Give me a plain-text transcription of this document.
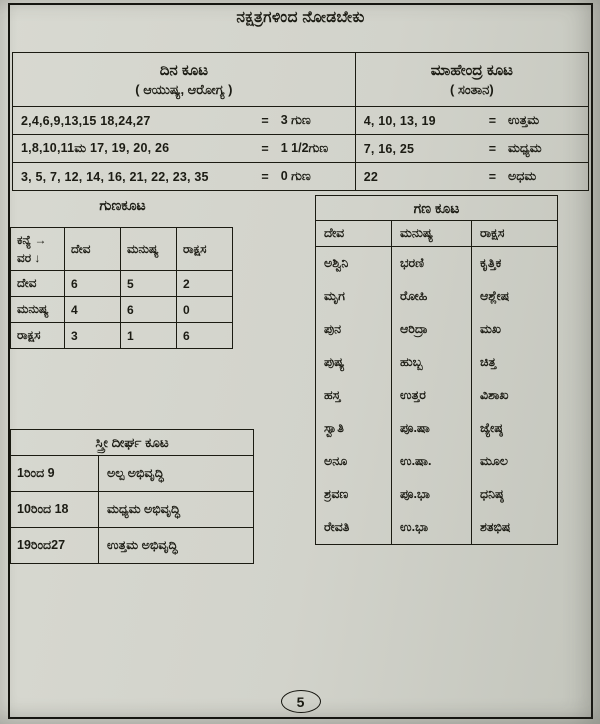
ನಕ್ಷತ್ರಗಳಿಂದ ನೋಡಬೇಕು
ದಿನ ಕೂಟ
( ಆಯುಷ್ಯ, ಆರೋಗ್ಯ )

ಮಾಹೇಂದ್ರ ಕೂಟ
( ಸಂತಾನ)

2,4,6,9,13,15 18,24,27 = 3 ಗುಣ	4, 10, 13, 19 = ಉತ್ತಮ

1,8,10,11ಮ 17, 19, 20, 26 = 1 1/2ಗುಣ	7, 16, 25 = ಮಧ್ಯಮ

3, 5, 7, 12, 14, 16, 21, 22, 23, 35 = 0 ಗುಣ	22 = ಅಧಮ
ಗುಣಕೂಟ
ಕನ್ಯೆ →
ವರ ↓	ದೇವ	ಮನುಷ್ಯ	ರಾಕ್ಷಸ
ದೇವ	6	5	2
ಮನುಷ್ಯ	4	6	0
ರಾಕ್ಷಸ	3	1	6
ಗಣ ಕೂಟ
ದೇವ	ಮನುಷ್ಯ	ರಾಕ್ಷಸ
ಅಶ್ವಿನಿ	ಭರಣಿ	ಕೃತ್ತಿಕ
ಮೃಗ	ರೋಹಿ	ಆಶ್ಲೇಷ
ಪುನ	ಆರಿದ್ರಾ	ಮಖ
ಪುಷ್ಯ	ಹುಬ್ಬ	ಚಿತ್ತ
ಹಸ್ತ	ಉತ್ತರ	ವಿಶಾಖ
ಸ್ವಾತಿ	ಪೂ.ಷಾ	ಜ್ಯೇಷ್ಠ
ಅನೂ	ಉ.ಷಾ.	ಮೂಲ
ಶ್ರವಣ	ಪೂ.ಭಾ	ಧನಿಷ್ಠ
ರೇವತಿ	ಉ.ಭಾ	ಶತಭಿಷ
ಸ್ತ್ರೀ ದೀರ್ಘ ಕೂಟ
1ರಿಂದ 9	ಅಲ್ಪ ಅಭಿವೃದ್ಧಿ
10ರಿಂದ 18	ಮಧ್ಯಮ ಅಭಿವೃದ್ಧಿ
19ರಿಂದ27	ಉತ್ತಮ ಅಭಿವೃದ್ಧಿ
5
